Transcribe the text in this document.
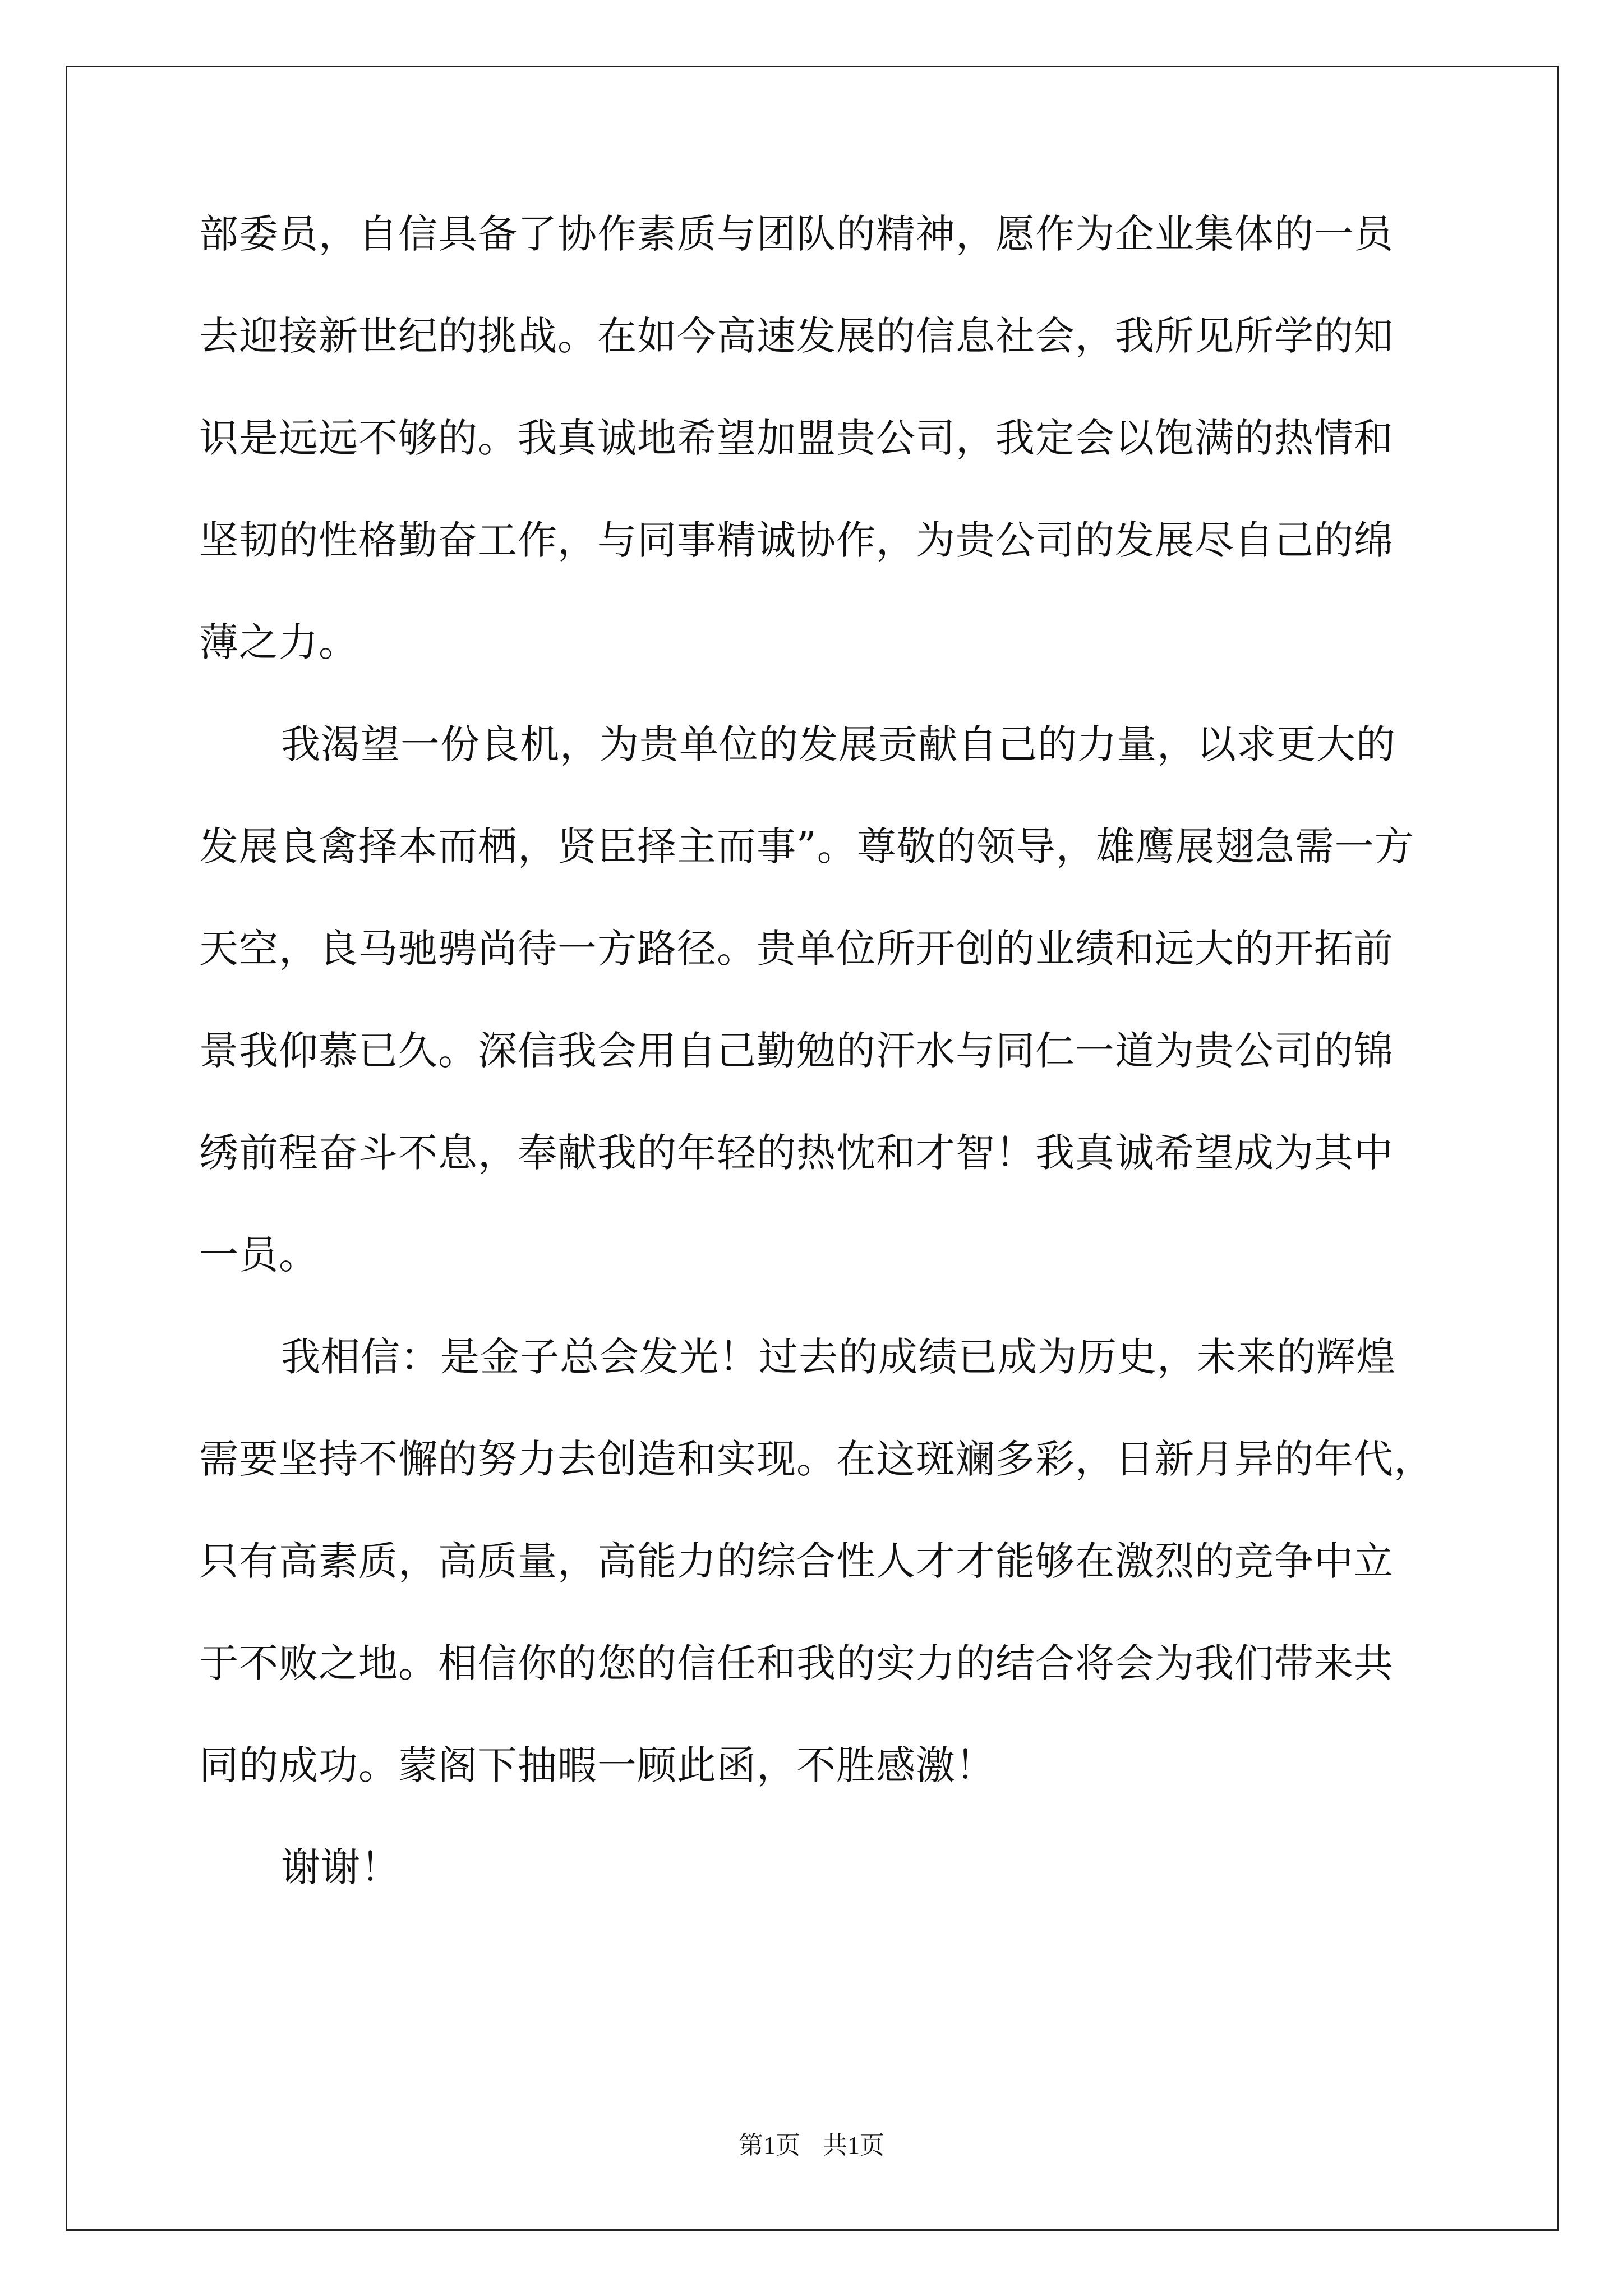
部委员，自信具备了协作素质与团队的精神，愿作为企业集体的一员
去迎接新世纪的挑战。在如今高速发展的信息社会，我所见所学的知
识是远远不够的。我真诚地希望加盟贵公司，我定会以饱满的热情和
坚韧的性格勤奋工作，与同事精诚协作，为贵公司的发展尽自己的绵
薄之力。
我渴望一份良机，为贵单位的发展贡献自己的力量，以求更大的
发展良禽择本而栖，贤臣择主而事”。尊敬的领导，雄鹰展翅急需一方
天空，良马驰骋尚待一方路径。贵单位所开创的业绩和远大的开拓前
景我仰慕已久。深信我会用自己勤勉的汗水与同仁一道为贵公司的锦
绣前程奋斗不息，奉献我的年轻的热忱和才智！我真诚希望成为其中
一员。
我相信：是金子总会发光！过去的成绩已成为历史，未来的辉煌
需要坚持不懈的努力去创造和实现。在这斑斓多彩，日新月异的年代，
只有高素质，高质量，高能力的综合性人才才能够在激烈的竞争中立
于不败之地。相信你的您的信任和我的实力的结合将会为我们带来共
同的成功。蒙阁下抽暇一顾此函，不胜感激！
谢谢！
第1页 共1页
